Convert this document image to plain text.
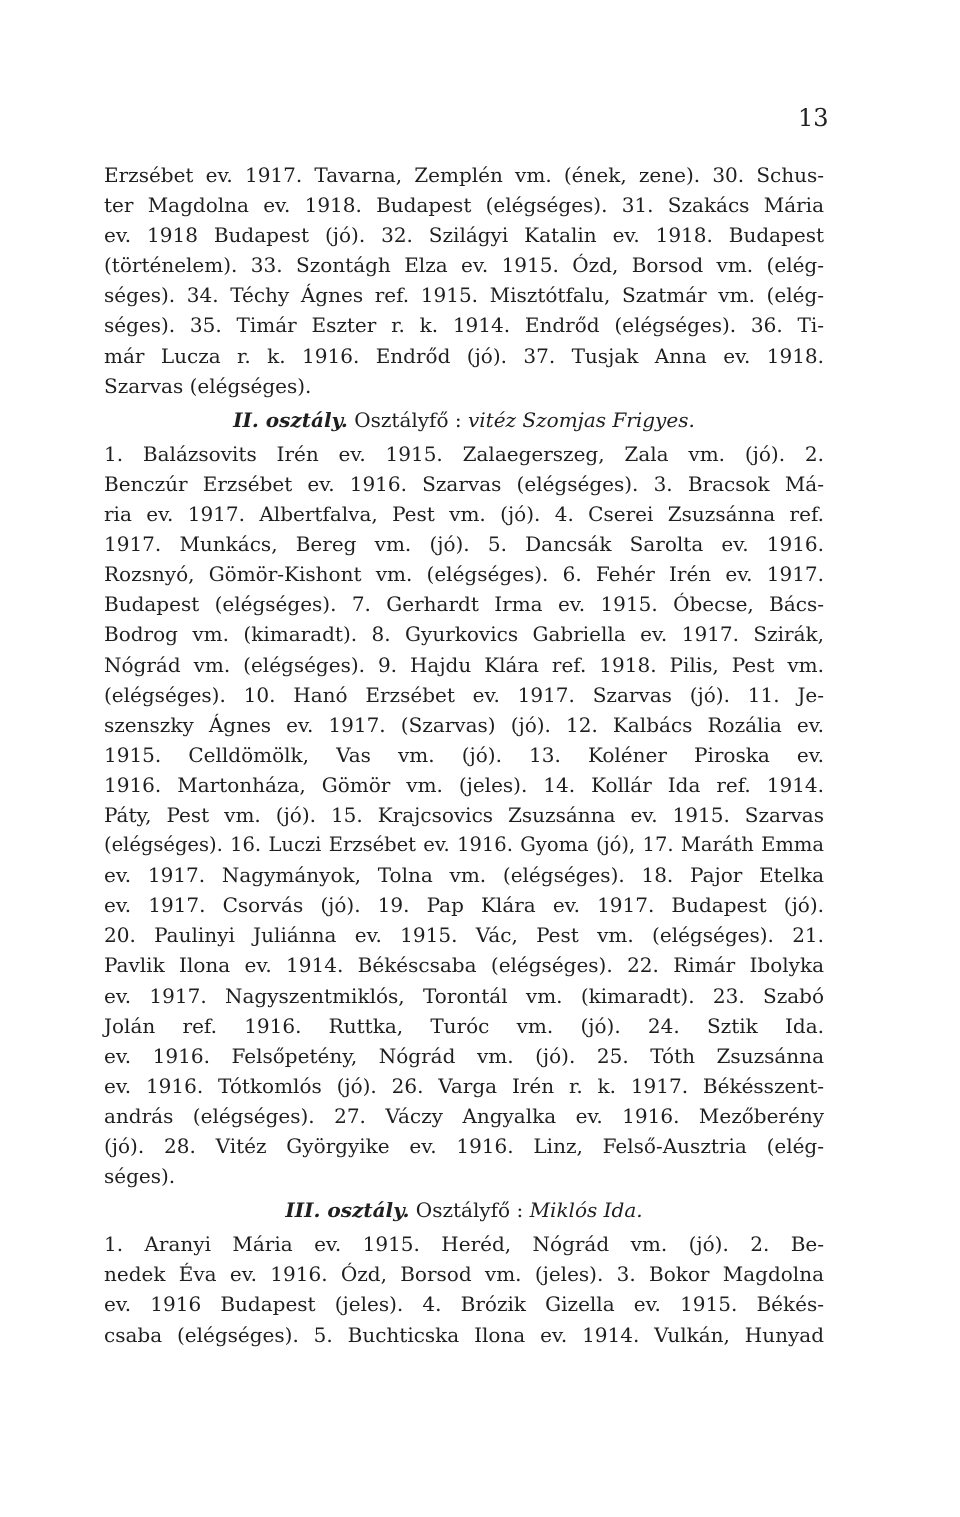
13
Erzsébet ev. 1917. Tavarna, Zemplén vm. (ének, zene). 30. Schus-
ter Magdolna ev. 1918. Budapest (elégséges). 31. Szakács Mária
ev. 1918 Budapest (jó). 32. Szilágyi Katalin ev. 1918. Budapest
(történelem). 33. Szontágh Elza ev. 1915. Ózd, Borsod vm. (elég-
séges). 34. Téchy Ágnes ref. 1915. Misztótfalu, Szatmár vm. (elég-
séges). 35. Timár Eszter r. k. 1914. Endrőd (elégséges). 36. Ti-
már Lucza r. k. 1916. Endrőd (jó). 37. Tusjak Anna ev. 1918.
Szarvas (elégséges).
II. osztály. Osztályfő : vitéz Szomjas Frigyes.
1. Balázsovits Irén ev. 1915. Zalaegerszeg, Zala vm. (jó). 2.
Benczúr Erzsébet ev. 1916. Szarvas (elégséges). 3. Bracsok Má-
ria ev. 1917. Albertfalva, Pest vm. (jó). 4. Cserei Zsuzsánna ref.
1917. Munkács, Bereg vm. (jó). 5. Dancsák Sarolta ev. 1916.
Rozsnyó, Gömör-Kishont vm. (elégséges). 6. Fehér Irén ev. 1917.
Budapest (elégséges). 7. Gerhardt Irma ev. 1915. Óbecse, Bács-
Bodrog vm. (kimaradt). 8. Gyurkovics Gabriella ev. 1917. Szirák,
Nógrád vm. (elégséges). 9. Hajdu Klára ref. 1918. Pilis, Pest vm.
(elégséges). 10. Hanó Erzsébet ev. 1917. Szarvas (jó). 11. Je-
szenszky Ágnes ev. 1917. (Szarvas) (jó). 12. Kalbács Rozália ev.
1915. Celldömölk, Vas vm. (jó). 13. Koléner Piroska ev.
1916. Martonháza, Gömör vm. (jeles). 14. Kollár Ida ref. 1914.
Páty, Pest vm. (jó). 15. Krajcsovics Zsuzsánna ev. 1915. Szarvas
(elégséges). 16. Luczi Erzsébet ev. 1916. Gyoma (jó), 17. Maráth Emma
ev. 1917. Nagymányok, Tolna vm. (elégséges). 18. Pajor Etelka
ev. 1917. Csorvás (jó). 19. Pap Klára ev. 1917. Budapest (jó).
20. Paulinyi Juliánna ev. 1915. Vác, Pest vm. (elégséges). 21.
Pavlik Ilona ev. 1914. Békéscsaba (elégséges). 22. Rimár Ibolyka
ev. 1917. Nagyszentmiklós, Torontál vm. (kimaradt). 23. Szabó
Jolán ref. 1916. Ruttka, Turóc vm. (jó). 24. Sztik Ida.
ev. 1916. Felsőpetény, Nógrád vm. (jó). 25. Tóth Zsuzsánna
ev. 1916. Tótkomlós (jó). 26. Varga Irén r. k. 1917. Békésszent-
andrás (elégséges). 27. Váczy Angyalka ev. 1916. Mezőberény
(jó). 28. Vitéz Györgyike ev. 1916. Linz, Felső-Ausztria (elég-
séges).
III. osztály. Osztályfő : Miklós Ida.
1. Aranyi Mária ev. 1915. Heréd, Nógrád vm. (jó). 2. Be-
nedek Éva ev. 1916. Ózd, Borsod vm. (jeles). 3. Bokor Magdolna
ev. 1916 Budapest (jeles). 4. Brózik Gizella ev. 1915. Békés-
csaba (elégséges). 5. Buchticska Ilona ev. 1914. Vulkán, Hunyad
